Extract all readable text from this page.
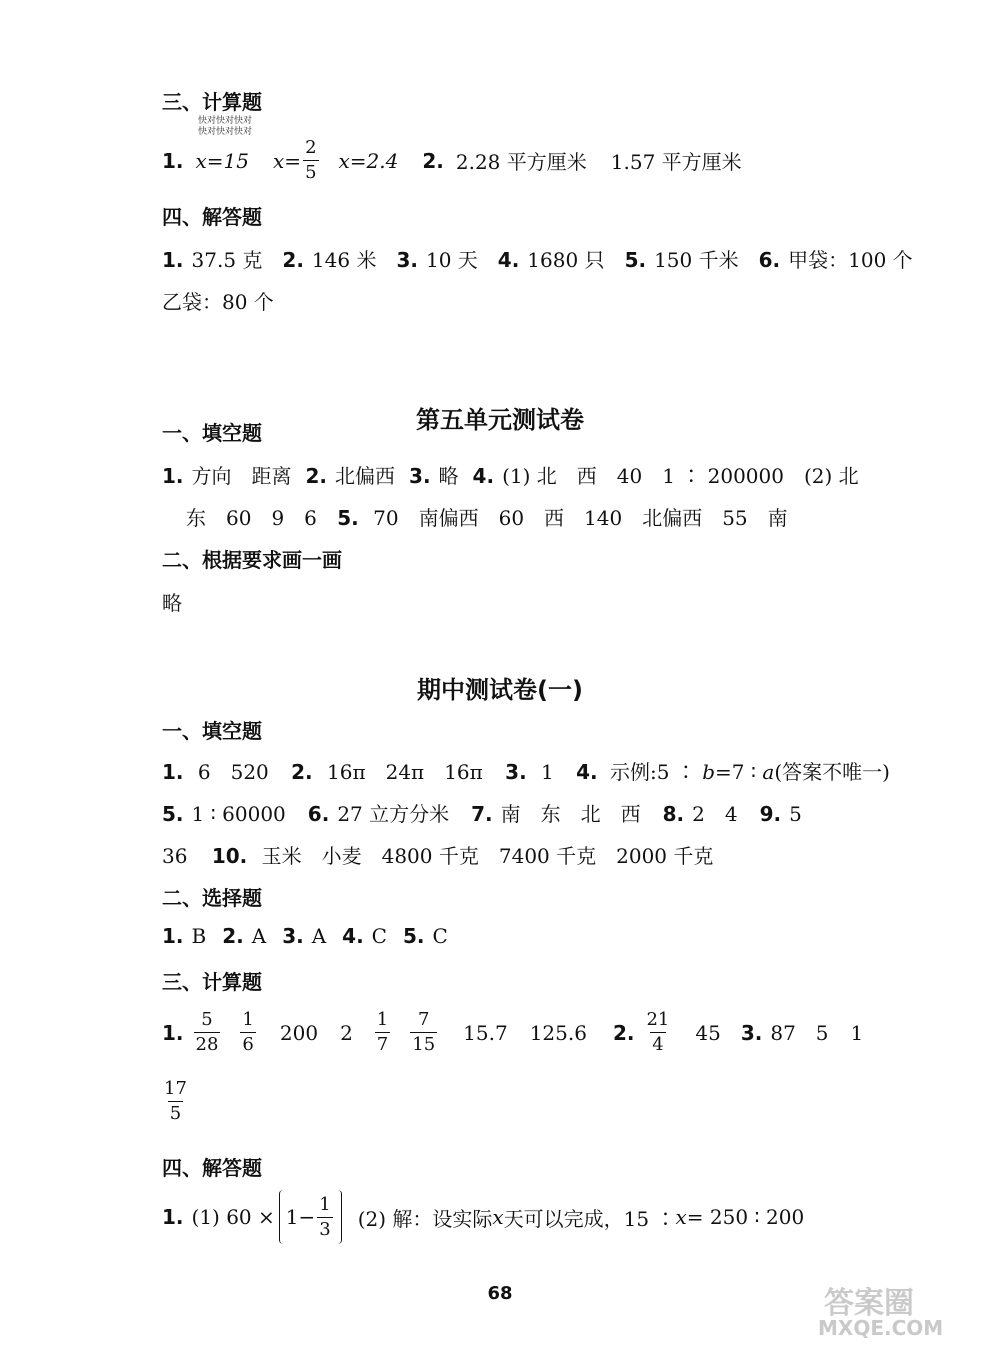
三、计算题
快对快对快对
快对快对快对
1. x=15 $x= \frac{2}{5} x=2.4$ 2. 2.28 平方厘米 1.57 平方厘米
四、解答题
1. 37.5 克 2. 146 米 3. 10 天 4. 1680 只 5. 150 千米 6. 甲袋：100 个
乙袋：80 个
第五单元测试卷
一、填空题
1. 方向　距离 2. 北偏西 3. 略 4. (1) 北　西　40　1 ∶ 200000　(2) 北
东　60　9　6 5. 70　南偏西　60　西　140　北偏西　55　南
二、根据要求画一画
略
期中测试卷(一)
一、填空题
1. 6　520 2. 16π　24π　16π 3. 1 4. 示例:5 ∶ b=7 ∶ a(答案不唯一)
5. 1 ∶ 60000 6. 27 立方分米 7. 南　东　北　西 8. 2　4 9. 5
36 10. 玉米　小麦　4800 千克　7400 千克　2000 千克
二、选择题
1. B 2. A 3. A 4. C 5. C
三、计算题
1. $\frac{5}{28} \frac{1}{6} 200$ $2 \frac{1}{7} \frac{7}{15} 15.7$ 125.6 2. $\frac{21}{4} 45$ 3. 87 5 1
$\frac{17}{5}$
四、解答题
1. (1) $60 \times 1- \frac{1}{3} (2)$ 解：设实际 x 天可以完成，15 ∶ x = 250 ∶ 200
68	答案圈
MXQE.COM
